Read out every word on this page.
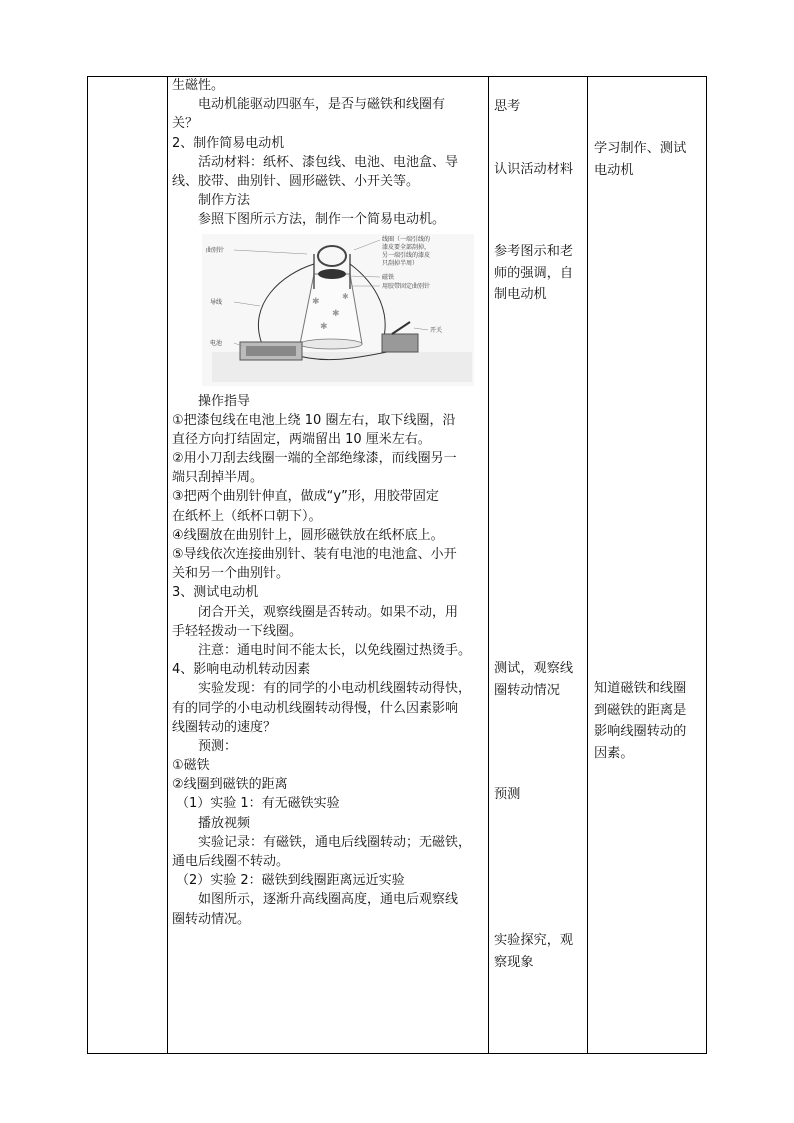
生磁性。
电动机能驱动四驱车，是否与磁铁和线圈有
关？
2、制作简易电动机
活动材料：纸杯、漆包线、电池、电池盒、导
线、胶带、曲别针、圆形磁铁、小开关等。
制作方法
参照下图所示方法，制作一个简易电动机。
✱
✱
✱
✱
曲别针
导线
电池
线圈（一端引线的
漆皮要全部刮掉，
另一端引线的漆皮
只刮掉半周）
磁铁
用胶带固定曲别针
开关
操作指导
①把漆包线在电池上绕 10 圈左右，取下线圈，沿
直径方向打结固定，两端留出 10 厘米左右。
②用小刀刮去线圈一端的全部绝缘漆，而线圈另一
端只刮掉半周。
③把两个曲别针伸直，做成“y”形，用胶带固定
在纸杯上（纸杯口朝下）。
④线圈放在曲别针上，圆形磁铁放在纸杯底上。
⑤导线依次连接曲别针、装有电池的电池盒、小开
关和另一个曲别针。
3、测试电动机
闭合开关，观察线圈是否转动。如果不动，用
手轻轻拨动一下线圈。
注意：通电时间不能太长，以免线圈过热烫手。
4、影响电动机转动因素
实验发现：有的同学的小电动机线圈转动得快，
有的同学的小电动机线圈转动得慢，什么因素影响
线圈转动的速度？
预测：
①磁铁
②线圈到磁铁的距离
（1）实验 1：有无磁铁实验
播放视频
实验记录：有磁铁，通电后线圈转动；无磁铁，
通电后线圈不转动。
（2）实验 2：磁铁到线圈距离远近实验
如图所示，逐渐升高线圈高度，通电后观察线
圈转动情况。
思考
认识活动材料
参考图示和老
师的强调，自
制电动机
测试，观察线
圈转动情况
预测
实验探究，观
察现象
学习制作、测试
电动机
知道磁铁和线圈
到磁铁的距离是
影响线圈转动的
因素。
